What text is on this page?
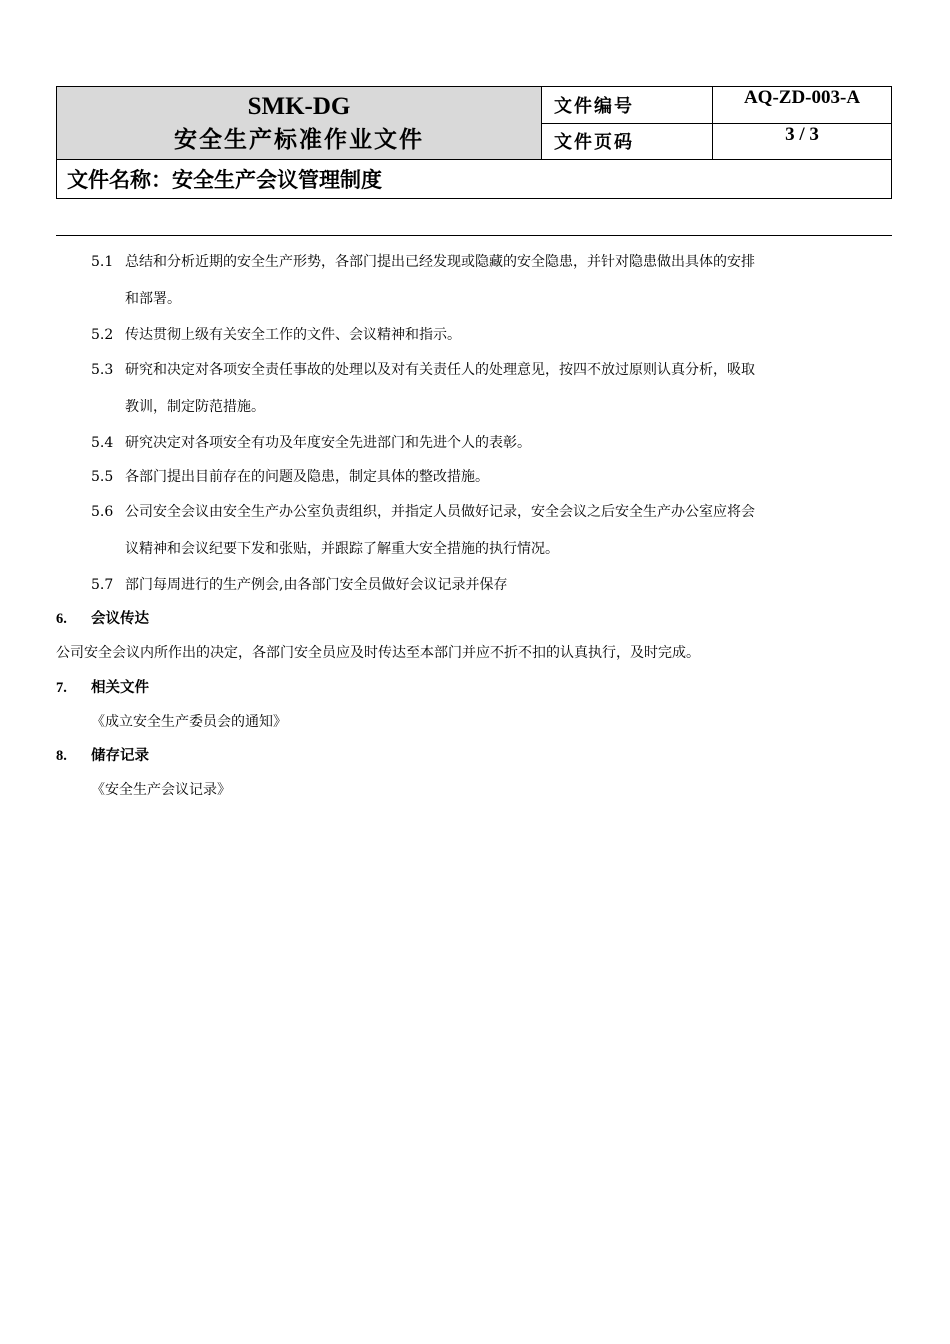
SMK-DG
安全生产标准作业文件	文件编号	AQ-ZD-003-A
	文件页码	3 / 3
文件名称：安全生产会议管理制度		
5.1 总结和分析近期的安全生产形势，各部门提出已经发现或隐藏的安全隐患，并针对隐患做出具体的安排
和部署。
5.2 传达贯彻上级有关安全工作的文件、会议精神和指示。
5.3 研究和决定对各项安全责任事故的处理以及对有关责任人的处理意见，按四不放过原则认真分析，吸取
教训，制定防范措施。
5.4 研究决定对各项安全有功及年度安全先进部门和先进个人的表彰。
5.5 各部门提出目前存在的问题及隐患，制定具体的整改措施。
5.6 公司安全会议由安全生产办公室负责组织，并指定人员做好记录，安全会议之后安全生产办公室应将会
议精神和会议纪要下发和张贴，并跟踪了解重大安全措施的执行情况。
5.7 部门每周进行的生产例会,由各部门安全员做好会议记录并保存
6.	会议传达
公司安全会议内所作出的决定，各部门安全员应及时传达至本部门并应不折不扣的认真执行，及时完成。
7.	相关文件
《成立安全生产委员会的通知》
8.	储存记录
《安全生产会议记录》
